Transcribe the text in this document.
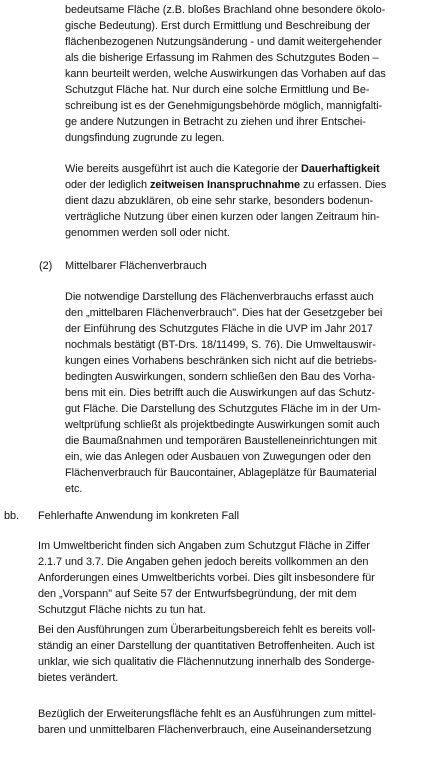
bedeutsame Fläche (z.B. bloßes Brachland ohne besondere ökolo-
gische Bedeutung). Erst durch Ermittlung und Beschreibung der
flächenbezogenen Nutzungsänderung - und damit weitergehender
als die bisherige Erfassung im Rahmen des Schutzgutes Boden –
kann beurteilt werden, welche Auswirkungen das Vorhaben auf das
Schutzgut Fläche hat. Nur durch eine solche Ermittlung und Be-
schreibung ist es der Genehmigungsbehörde möglich, mannigfalti-
ge andere Nutzungen in Betracht zu ziehen und ihrer Entschei-
dungsfindung zugrunde zu legen.
Wie bereits ausgeführt ist auch die Kategorie der Dauerhaftigkeit
oder der lediglich zeitweisen Inanspruchnahme zu erfassen. Dies
dient dazu abzuklären, ob eine sehr starke, besonders bodenun-
verträgliche Nutzung über einen kurzen oder langen Zeitraum hin-
genommen werden soll oder nicht.
(2) Mittelbarer Flächenverbrauch
Die notwendige Darstellung des Flächenverbrauchs erfasst auch
den „mittelbaren Flächenverbrauch". Dies hat der Gesetzgeber bei
der Einführung des Schutzgutes Fläche in die UVP im Jahr 2017
nochmals bestätigt (BT-Drs. 18/11499, S. 76). Die Umweltauswir-
kungen eines Vorhabens beschränken sich nicht auf die betriebs-
bedingten Auswirkungen, sondern schließen den Bau des Vorha-
bens mit ein. Dies betrifft auch die Auswirkungen auf das Schutz-
gut Fläche. Die Darstellung des Schutzgutes Fläche im in der Um-
weltprüfung schließt als projektbedingte Auswirkungen somit auch
die Baumaßnahmen und temporären Baustelleneinrichtungen mit
ein, wie das Anlegen oder Ausbauen von Zuwegungen oder den
Flächenverbrauch für Baucontainer, Ablageplätze für Baumaterial
etc.
bb. Fehlerhafte Anwendung im konkreten Fall
Im Umweltbericht finden sich Angaben zum Schutzgut Fläche in Ziffer
2.1.7 und 3.7. Die Angaben gehen jedoch bereits vollkommen an den
Anforderungen eines Umweltberichts vorbei. Dies gilt insbesondere für
den „Vorspann" auf Seite 57 der Entwurfsbegründung, der mit dem
Schutzgut Fläche nichts zu tun hat.
Bei den Ausführungen zum Überarbeitungsbereich fehlt es bereits voll-
ständig an einer Darstellung der quantitativen Betroffenheiten. Auch ist
unklar, wie sich qualitativ die Flächennutzung innerhalb des Sonderge-
bietes verändert.
Bezüglich der Erweiterungsfläche fehlt es an Ausführungen zum mittel-
baren und unmittelbaren Flächenverbrauch, eine Auseinandersetzung
